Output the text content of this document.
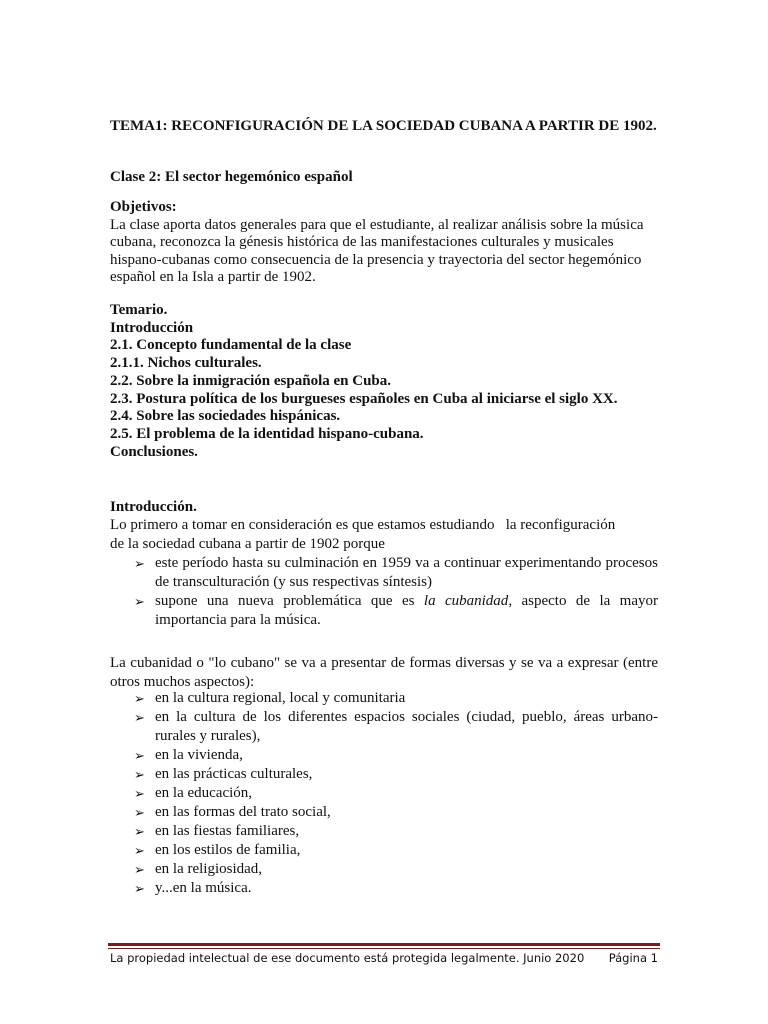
TEMA1: RECONFIGURACIÓN DE LA SOCIEDAD CUBANA A PARTIR DE 1902.

Clase 2: El sector hegemónico español

Objetivos:
La clase aporta datos generales para que el estudiante, al realizar análisis sobre la música cubana, reconozca la génesis histórica de las manifestaciones culturales y musicales hispano-cubanas como consecuencia de la presencia y trayectoria del sector hegemónico español en la Isla a partir de 1902.

Temario.
Introducción
2.1. Concepto fundamental de la clase
2.1.1. Nichos culturales.
2.2. Sobre la inmigración española en Cuba.
2.3. Postura política de los burgueses españoles en Cuba al iniciarse el siglo XX.
2.4. Sobre las sociedades hispánicas.
2.5. El problema de la identidad hispano-cubana.
Conclusiones.

Introducción.

Lo primero a tomar en consideración es que estamos estudiando   la reconfiguración
de la sociedad cubana a partir de 1902 porque

➢ este período hasta su culminación en 1959 va a continuar experimentando procesos de transculturación (y sus respectivas síntesis)
➢ supone una nueva problemática que es la cubanidad, aspecto de la mayor importancia para la música.

La cubanidad o "lo cubano" se va a presentar de formas diversas y se va a expresar (entre otros muchos aspectos):

➢ en la cultura regional, local y comunitaria
➢ en la cultura de los diferentes espacios sociales (ciudad, pueblo, áreas urbano-rurales y rurales),
➢ en la vivienda,
➢ en las prácticas culturales,
➢ en la educación,
➢ en las formas del trato social,
➢ en las fiestas familiares,
➢ en los estilos de familia,
➢ en la religiosidad,
➢ y...en la música.
La propiedad intelectual de ese documento está protegida legalmente. Junio 2020 Página 1
